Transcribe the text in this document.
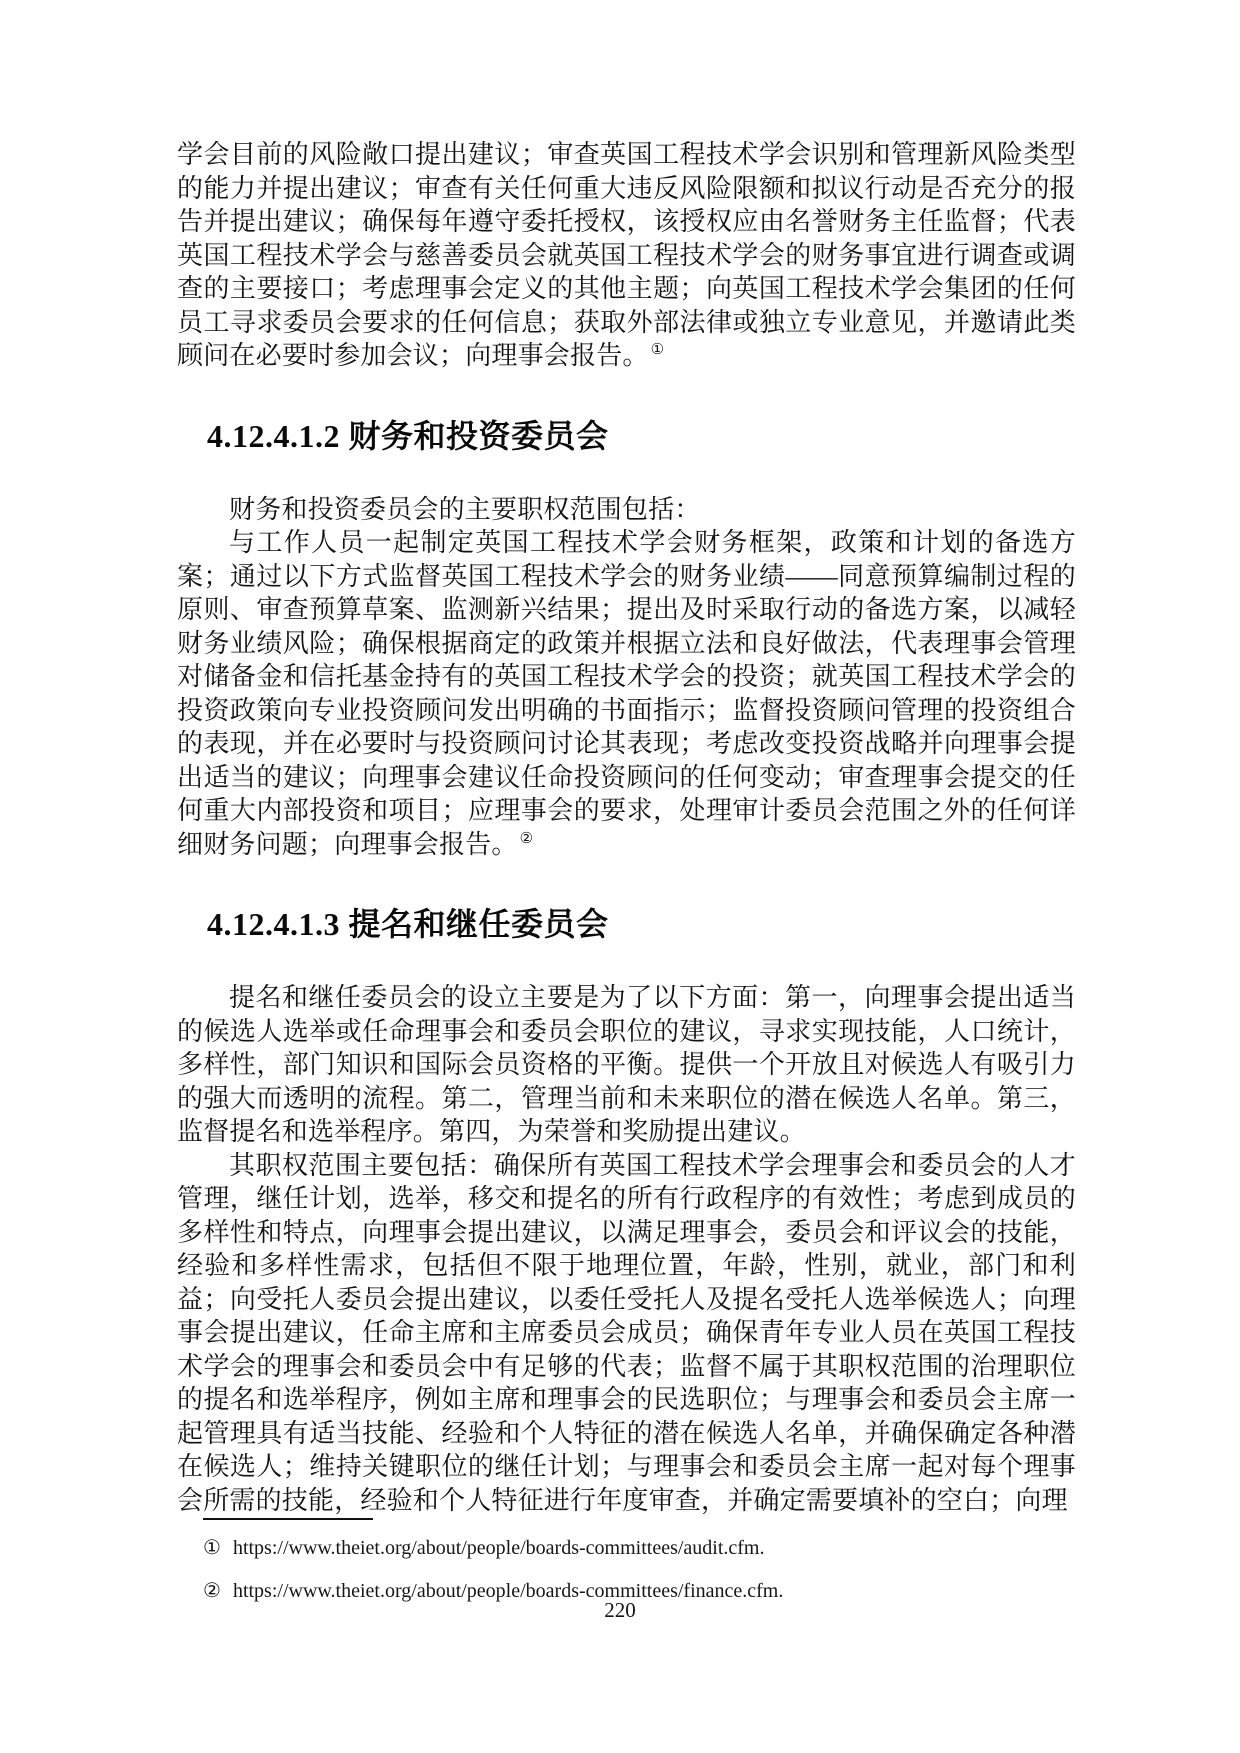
学会目前的风险敞口提出建议；审查英国工程技术学会识别和管理新风险类型的能力并提出建议；审查有关任何重大违反风险限额和拟议行动是否充分的报告并提出建议；确保每年遵守委托授权，该授权应由名誉财务主任监督；代表英国工程技术学会与慈善委员会就英国工程技术学会的财务事宜进行调查或调查的主要接口；考虑理事会定义的其他主题；向英国工程技术学会集团的任何员工寻求委员会要求的任何信息；获取外部法律或独立专业意见，并邀请此类顾问在必要时参加会议；向理事会报告。 ①

4.12.4.1.2 财务和投资委员会

财务和投资委员会的主要职权范围包括：

与工作人员一起制定英国工程技术学会财务框架，政策和计划的备选方案；通过以下方式监督英国工程技术学会的财务业绩——同意预算编制过程的原则、审查预算草案、监测新兴结果；提出及时采取行动的备选方案，以减轻财务业绩风险；确保根据商定的政策并根据立法和良好做法，代表理事会管理对储备金和信托基金持有的英国工程技术学会的投资；就英国工程技术学会的投资政策向专业投资顾问发出明确的书面指示；监督投资顾问管理的投资组合的表现，并在必要时与投资顾问讨论其表现；考虑改变投资战略并向理事会提出适当的建议；向理事会建议任命投资顾问的任何变动；审查理事会提交的任何重大内部投资和项目；应理事会的要求，处理审计委员会范围之外的任何详细财务问题；向理事会报告。 ②

4.12.4.1.3 提名和继任委员会

提名和继任委员会的设立主要是为了以下方面：第一，向理事会提出适当的候选人选举或任命理事会和委员会职位的建议，寻求实现技能，人口统计，多样性，部门知识和国际会员资格的平衡。提供一个开放且对候选人有吸引力的强大而透明的流程。第二，管理当前和未来职位的潜在候选人名单。第三，监督提名和选举程序。第四，为荣誉和奖励提出建议。

其职权范围主要包括：确保所有英国工程技术学会理事会和委员会的人才管理，继任计划，选举，移交和提名的所有行政程序的有效性；考虑到成员的多样性和特点，向理事会提出建议，以满足理事会，委员会和评议会的技能，经验和多样性需求，包括但不限于地理位置，年龄，性别，就业，部门和利益；向受托人委员会提出建议，以委任受托人及提名受托人选举候选人；向理事会提出建议，任命主席和主席委员会成员；确保青年专业人员在英国工程技术学会的理事会和委员会中有足够的代表；监督不属于其职权范围的治理职位的提名和选举程序，例如主席和理事会的民选职位；与理事会和委员会主席一起管理具有适当技能、经验和个人特征的潜在候选人名单，并确保确定各种潜在候选人；维持关键职位的继任计划；与理事会和委员会主席一起对每个理事会所需的技能，经验和个人特征进行年度审查，并确定需要填补的空白；向理

① https://www.theiet.org/about/people/boards-committees/audit.cfm.
② https://www.theiet.org/about/people/boards-committees/finance.cfm.
220
